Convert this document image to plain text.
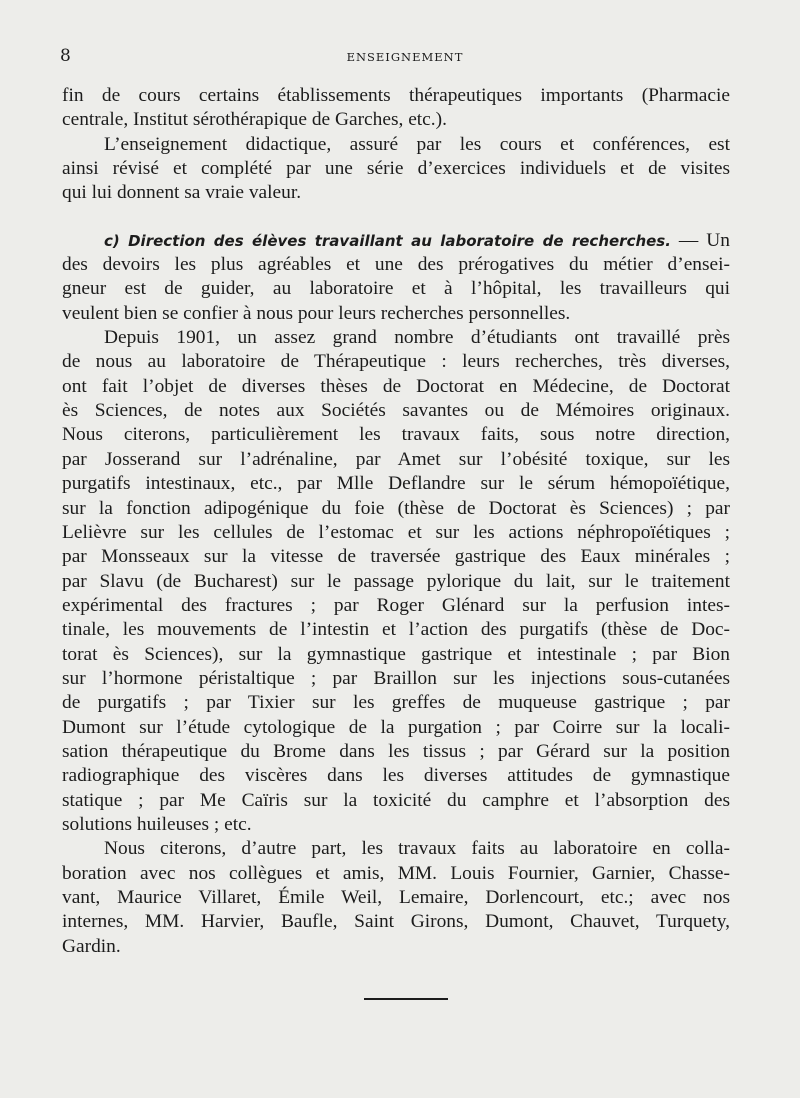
8	ENSEIGNEMENT
fin de cours certains établissements thérapeutiques importants (Pharmacie
centrale, Institut sérothérapique de Garches, etc.).
L’enseignement didactique, assuré par les cours et conférences, est
ainsi révisé et complété par une série d’exercices individuels et de visites
qui lui donnent sa vraie valeur.
c) Direction des élèves travaillant au laboratoire de recherches. — Un
des devoirs les plus agréables et une des prérogatives du métier d’ensei-
gneur est de guider, au laboratoire et à l’hôpital, les travailleurs qui
veulent bien se confier à nous pour leurs recherches personnelles.
Depuis 1901, un assez grand nombre d’étudiants ont travaillé près
de nous au laboratoire de Thérapeutique : leurs recherches, très diverses,
ont fait l’objet de diverses thèses de Doctorat en Médecine, de Doctorat
ès Sciences, de notes aux Sociétés savantes ou de Mémoires originaux.
Nous citerons, particulièrement les travaux faits, sous notre direction,
par Josserand sur l’adrénaline, par Amet sur l’obésité toxique, sur les
purgatifs intestinaux, etc., par Mlle Deflandre sur le sérum hémopoïétique,
sur la fonction adipogénique du foie (thèse de Doctorat ès Sciences) ; par
Lelièvre sur les cellules de l’estomac et sur les actions néphropoïétiques ;
par Monsseaux sur la vitesse de traversée gastrique des Eaux minérales ;
par Slavu (de Bucharest) sur le passage pylorique du lait, sur le traitement
expérimental des fractures ; par Roger Glénard sur la perfusion intes-
tinale, les mouvements de l’intestin et l’action des purgatifs (thèse de Doc-
torat ès Sciences), sur la gymnastique gastrique et intestinale ; par Bion
sur l’hormone péristaltique ; par Braillon sur les injections sous-cutanées
de purgatifs ; par Tixier sur les greffes de muqueuse gastrique ; par
Dumont sur l’étude cytologique de la purgation ; par Coirre sur la locali-
sation thérapeutique du Brome dans les tissus ; par Gérard sur la position
radiographique des viscères dans les diverses attitudes de gymnastique
statique ; par Me Caïris sur la toxicité du camphre et l’absorption des
solutions huileuses ; etc.
Nous citerons, d’autre part, les travaux faits au laboratoire en colla-
boration avec nos collègues et amis, MM. Louis Fournier, Garnier, Chasse-
vant, Maurice Villaret, Émile Weil, Lemaire, Dorlencourt, etc.; avec nos
internes, MM. Harvier, Baufle, Saint Girons, Dumont, Chauvet, Turquety,
Gardin.
